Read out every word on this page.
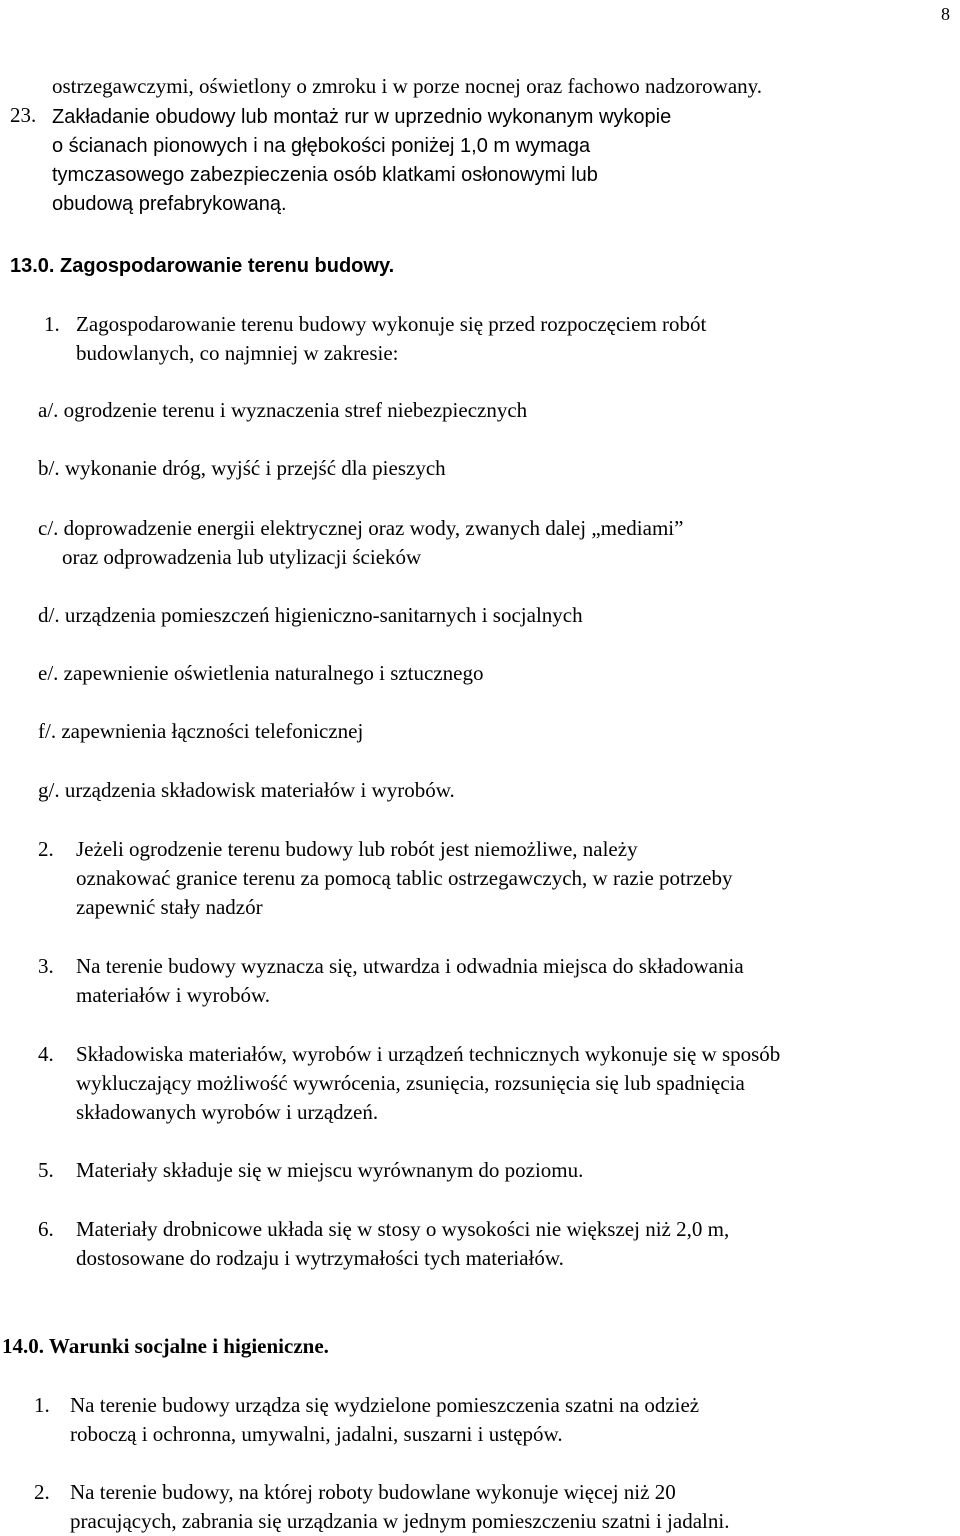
8
ostrzegawczymi, oświetlony o zmroku i w porze nocnej oraz fachowo nadzorowany.
23. Zakładanie obudowy lub montaż rur w uprzednio wykonanym wykopie
o ścianach pionowych i na głębokości poniżej 1,0 m wymaga
tymczasowego zabezpieczenia osób klatkami osłonowymi lub
obudową prefabrykowaną.
13.0. Zagospodarowanie terenu budowy.
1. Zagospodarowanie terenu budowy wykonuje się przed rozpoczęciem robót
budowlanych, co najmniej w zakresie:
a/. ogrodzenie terenu i wyznaczenia stref niebezpiecznych
b/. wykonanie dróg, wyjść i przejść dla pieszych
c/. doprowadzenie energii elektrycznej oraz wody, zwanych dalej „mediami”
oraz odprowadzenia lub utylizacji ścieków
d/. urządzenia pomieszczeń higieniczno-sanitarnych i socjalnych
e/. zapewnienie oświetlenia naturalnego i sztucznego
f/. zapewnienia łączności telefonicznej
g/. urządzenia składowisk materiałów i wyrobów.
2. Jeżeli ogrodzenie terenu budowy lub robót jest niemożliwe, należy
oznakować granice terenu za pomocą tablic ostrzegawczych, w razie potrzeby
zapewnić stały nadzór
3. Na terenie budowy wyznacza się, utwardza i odwadnia miejsca do składowania
materiałów i wyrobów.
4. Składowiska materiałów, wyrobów i urządzeń technicznych wykonuje się w sposób
wykluczający możliwość wywrócenia, zsunięcia, rozsunięcia się lub spadnięcia
składowanych wyrobów i urządzeń.
5. Materiały składuje się w miejscu wyrównanym do poziomu.
6. Materiały drobnicowe układa się w stosy o wysokości nie większej niż 2,0 m,
dostosowane do rodzaju i wytrzymałości tych materiałów.
14.0. Warunki socjalne i higieniczne.
1. Na terenie budowy urządza się wydzielone pomieszczenia szatni na odzież
roboczą i ochronna, umywalni, jadalni, suszarni i ustępów.
2. Na terenie budowy, na której roboty budowlane wykonuje więcej niż 20
pracujących, zabrania się urządzania w jednym pomieszczeniu szatni i jadalni.
